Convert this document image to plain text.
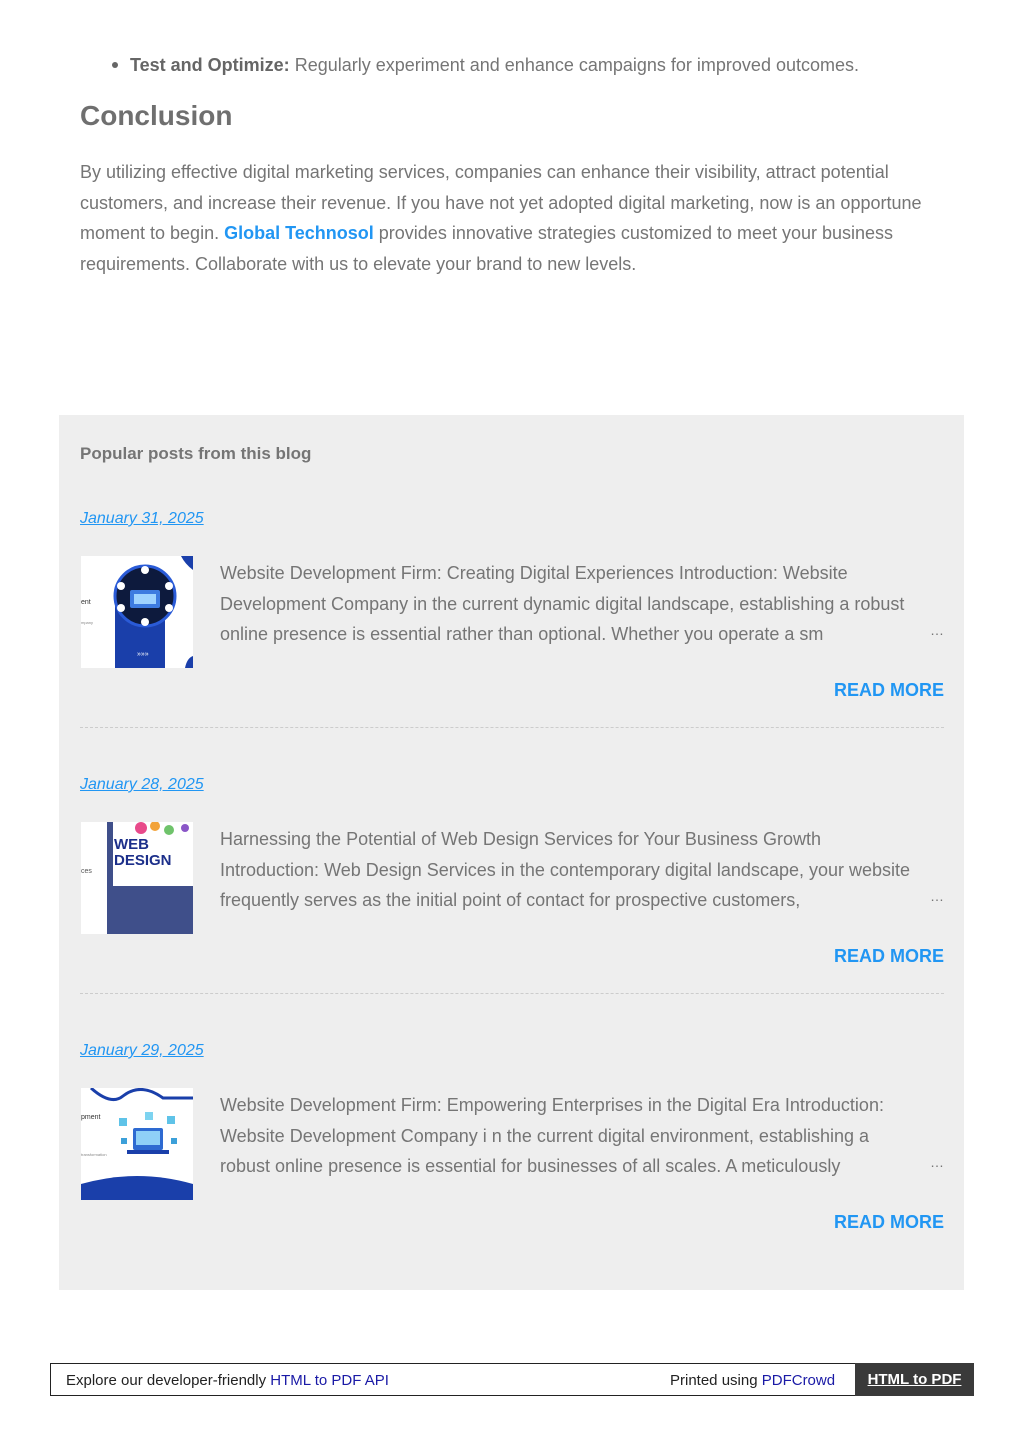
Test and Optimize: Regularly experiment and enhance campaigns for improved outcomes.
Conclusion

By utilizing effective digital marketing services, companies can enhance their visibility, attract potential customers, and increase their revenue. If you have not yet adopted digital marketing, now is an opportune moment to begin. Global Technosol provides innovative strategies customized to meet your business requirements. Collaborate with us to elevate your brand to new levels.

Popular posts from this blog
January 31, 2025
»»»
ent
mpany
Website Development Firm: Creating Digital Experiences Introduction: Website Development Company in the current dynamic digital landscape, establishing a robust online presence is essential rather than optional. Whether you operate a sm	…
READ MORE
January 28, 2025
WEB
DESIGN
ces
Harnessing the Potential of Web Design Services for Your Business Growth Introduction: Web Design Services in the contemporary digital landscape, your website frequently serves as the initial point of contact for prospective customers,	…
READ MORE
January 29, 2025
pment
transformation
Website Development Firm: Empowering Enterprises in the Digital Era Introduction: Website Development Company i n the current digital environment, establishing a robust online presence is essential for businesses of all scales. A meticulously	…
READ MORE
Explore our developer-friendly HTML to PDF API	Printed using PDFCrowd	HTML to PDF
